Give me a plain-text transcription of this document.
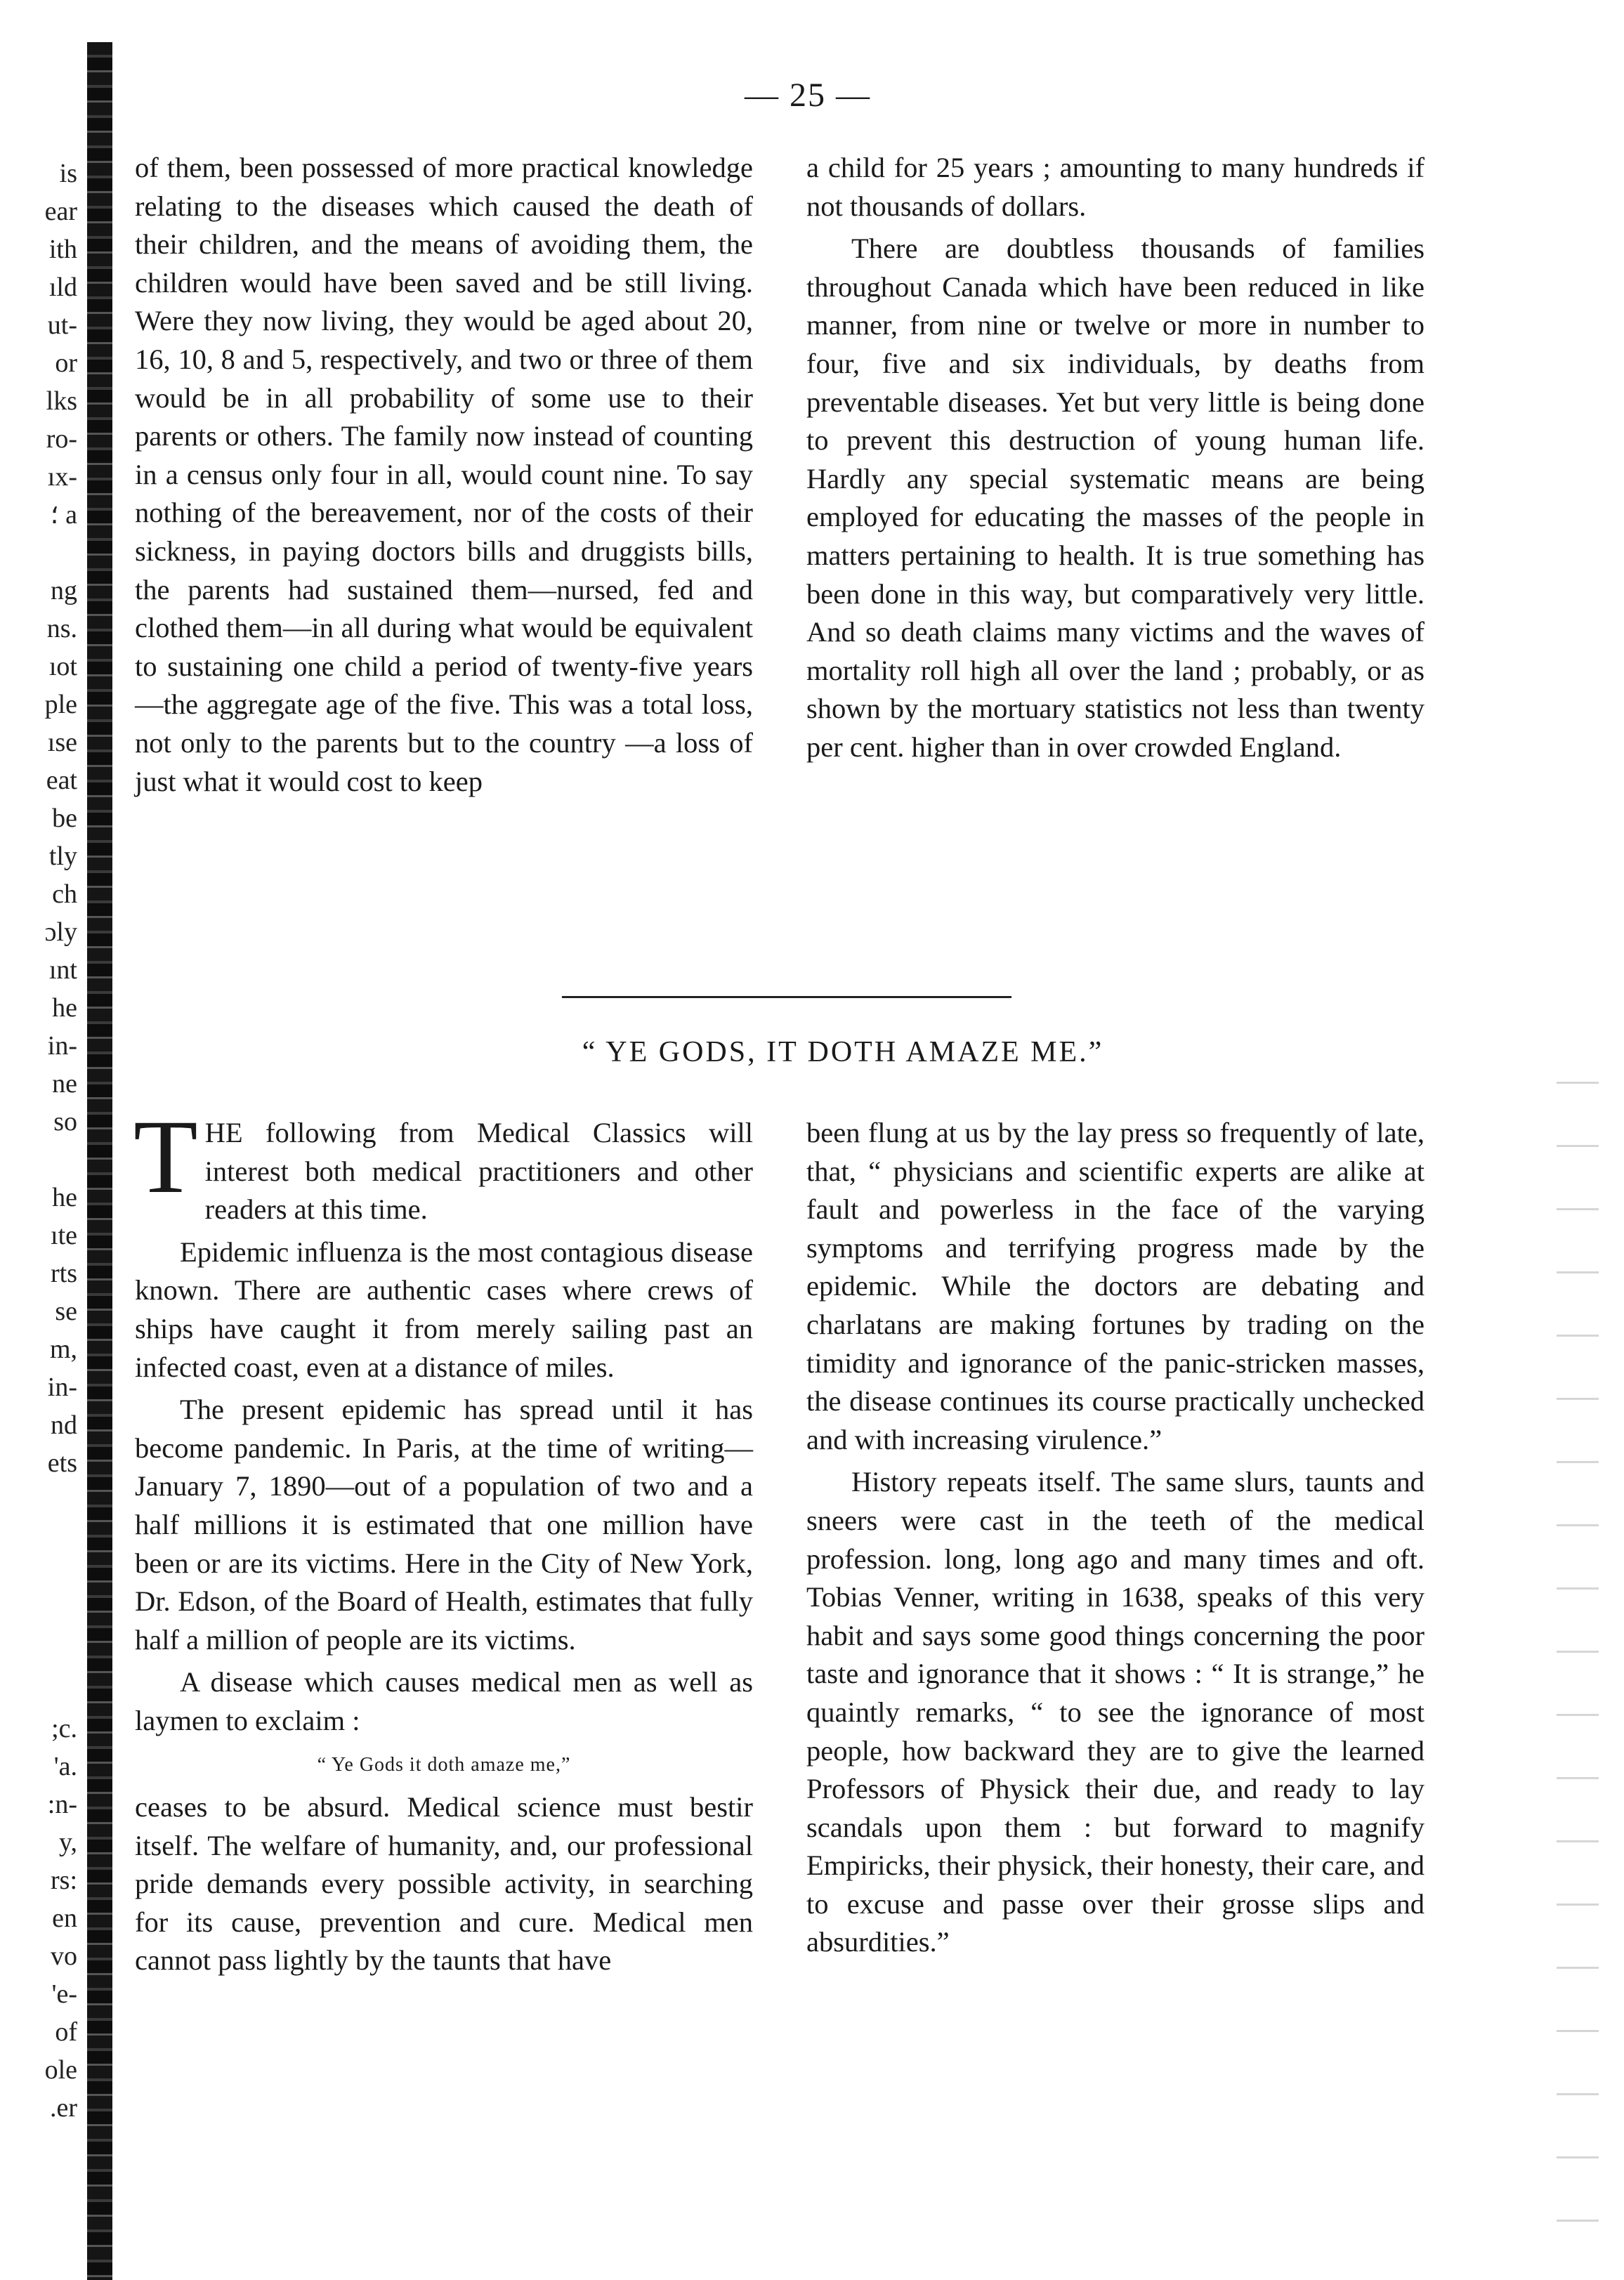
is
ear
ith
ıld
ut-
or
lks
ro-
ıx-
؛ a

ng
ns.
ıot
ple
ıse
eat
be
tly
ch
ɔly
ınt
he
in-
ne
so

he
ıte
rts
se
m,
in-
nd
ets

;c.
'a.
:n-
y,
rs:
en
vo
'e-
of
ole
.er
— 25 —

of them, been possessed of more practical knowledge relating to the diseases which caused the death of their children, and the means of avoiding them, the children would have been saved and be still living. Were they now living, they would be aged about 20, 16, 10, 8 and 5, respectively, and two or three of them would be in all probability of some use to their parents or others. The family now instead of counting in a census only four in all, would count nine. To say nothing of the bereavement, nor of the costs of their sickness, in paying doctors bills and druggists bills, the parents had sustained them—nursed, fed and clothed them—in all during what would be equivalent to sustaining one child a period of twenty-five years—the aggregate age of the five. This was a total loss, not only to the parents but to the country —a loss of just what it would cost to keep

a child for 25 years ; amounting to many hundreds if not thousands of dollars.

There are doubtless thousands of families throughout Canada which have been reduced in like manner, from nine or twelve or more in number to four, five and six individuals, by deaths from preventable diseases. Yet but very little is being done to prevent this destruction of young human life. Hardly any special systematic means are being employed for educating the masses of the people in matters pertaining to health. It is true something has been done in this way, but comparatively very little. And so death claims many victims and the waves of mortality roll high all over the land ; probably, or as shown by the mortuary statistics not less than twenty per cent. higher than in over crowded England.

“ YE GODS, IT DOTH AMAZE ME.”

THE following from Medical Classics will interest both medical practitioners and other readers at this time.

Epidemic influenza is the most contagious disease known. There are authentic cases where crews of ships have caught it from merely sailing past an infected coast, even at a distance of miles.

The present epidemic has spread until it has become pandemic. In Paris, at the time of writing—January 7, 1890—out of a population of two and a half millions it is estimated that one million have been or are its victims. Here in the City of New York, Dr. Edson, of the Board of Health, estimates that fully half a million of people are its victims.

A disease which causes medical men as well as laymen to exclaim :

“ Ye Gods it doth amaze me,”

ceases to be absurd. Medical science must bestir itself. The welfare of humanity, and, our professional pride demands every possible activity, in searching for its cause, prevention and cure. Medical men cannot pass lightly by the taunts that have

been flung at us by the lay press so frequently of late, that, “ physicians and scientific experts are alike at fault and powerless in the face of the varying symptoms and terrifying progress made by the epidemic. While the doctors are debating and charlatans are making fortunes by trading on the timidity and ignorance of the panic-stricken masses, the disease continues its course practically unchecked and with increasing virulence.”

History repeats itself. The same slurs, taunts and sneers were cast in the teeth of the medical profession. long, long ago and many times and oft. Tobias Venner, writing in 1638, speaks of this very habit and says some good things concerning the poor taste and ignorance that it shows : “ It is strange,” he quaintly remarks, “ to see the ignorance of most people, how backward they are to give the learned Professors of Physick their due, and ready to lay scandals upon them : but forward to magnify Empiricks, their physick, their honesty, their care, and to excuse and passe over their grosse slips and absurdities.”
